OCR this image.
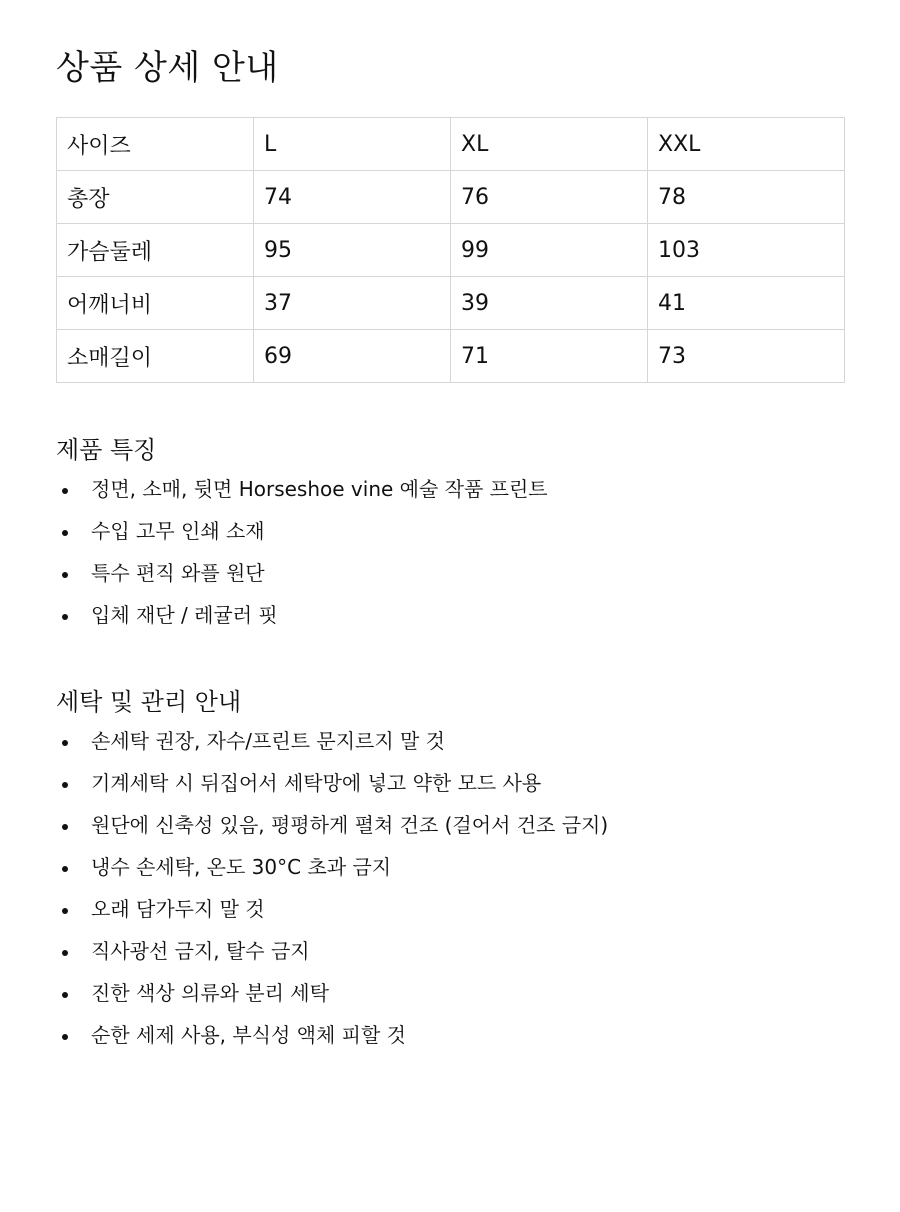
상품 상세 안내
사이즈	L	XL	XXL
총장	74	76	78
가슴둘레	95	99	103
어깨너비	37	39	41
소매길이	69	71	73
제품 특징
정면, 소매, 뒷면 Horseshoe vine 예술 작품 프린트
수입 고무 인쇄 소재
특수 편직 와플 원단
입체 재단 / 레귤러 핏
세탁 및 관리 안내
손세탁 권장, 자수/프린트 문지르지 말 것
기계세탁 시 뒤집어서 세탁망에 넣고 약한 모드 사용
원단에 신축성 있음, 평평하게 펼쳐 건조 (걸어서 건조 금지)
냉수 손세탁, 온도 30°C 초과 금지
오래 담가두지 말 것
직사광선 금지, 탈수 금지
진한 색상 의류와 분리 세탁
순한 세제 사용, 부식성 액체 피할 것
